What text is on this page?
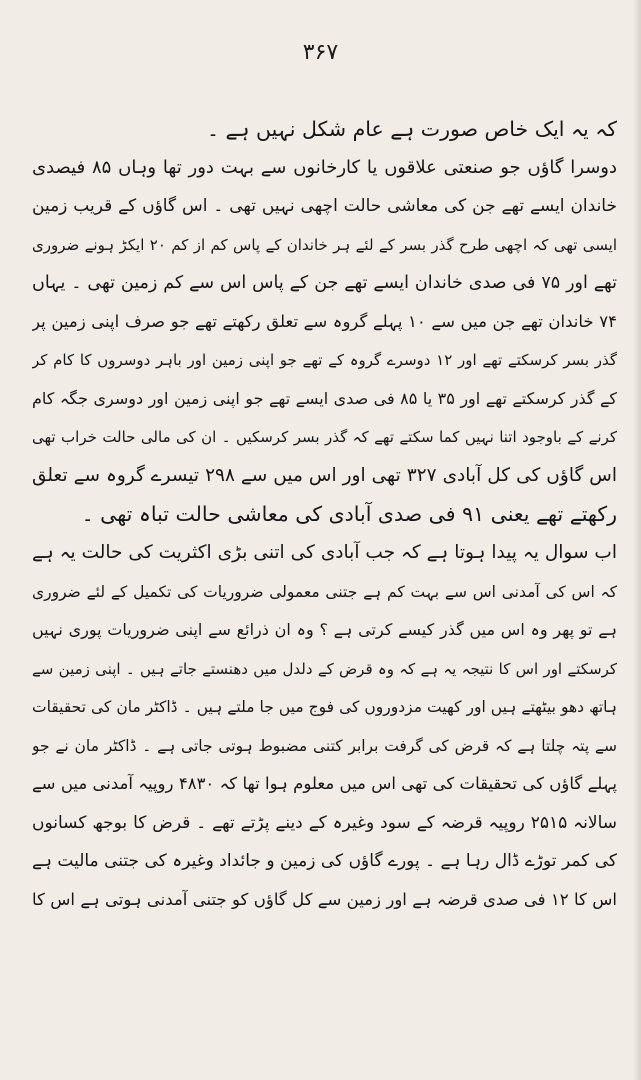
۳۶۷
کہ یہ ایک خاص صورت ہے عام شکل نہیں ہے ۔
دوسرا گاؤں جو صنعتی علاقوں یا کارخانوں سے بہت دور تھا وہاں ۸۵ فیصدی
خاندان ایسے تھے جن کی معاشی حالت اچھی نہیں تھی ۔ اس گاؤں کے قریب زمین
ایسی تھی کہ اچھی طرح گذر بسر کے لئے ہر خاندان کے پاس کم از کم ۲۰ ایکڑ ہونے ضروری
تھے اور ۷۵ فی صدی خاندان ایسے تھے جن کے پاس اس سے کم زمین تھی ۔ یہاں
۷۴ خاندان تھے جن میں سے ۱۰ پہلے گروہ سے تعلق رکھتے تھے جو صرف اپنی زمین پر
گذر بسر کرسکتے تھے اور ۱۲ دوسرے گروہ کے تھے جو اپنی زمین اور باہر دوسروں کا کام کر
کے گذر کرسکتے تھے اور ۳۵ یا ۸۵ فی صدی ایسے تھے جو اپنی زمین اور دوسری جگہ کام
کرنے کے باوجود اتنا نہیں کما سکتے تھے کہ گذر بسر کرسکیں ۔ ان کی مالی حالت خراب تھی
اس گاؤں کی کل آبادی ۳۲۷ تھی اور اس میں سے ۲۹۸ تیسرے گروہ سے تعلق
رکھتے تھے یعنی ۹۱ فی صدی آبادی کی معاشی حالت تباہ تھی ۔
اب سوال یہ پیدا ہوتا ہے کہ جب آبادی کی اتنی بڑی اکثریت کی حالت یہ ہے
کہ اس کی آمدنی اس سے بہت کم ہے جتنی معمولی ضروریات کی تکمیل کے لئے ضروری
ہے تو پھر وہ اس میں گذر کیسے کرتی ہے ؟ وہ ان ذرائع سے اپنی ضروریات پوری نہیں
کرسکتے اور اس کا نتیجہ یہ ہے کہ وہ قرض کے دلدل میں دھنستے جاتے ہیں ۔ اپنی زمین سے
ہاتھ دھو بیٹھتے ہیں اور کھیت مزدوروں کی فوج میں جا ملتے ہیں ۔ ڈاکٹر مان کی تحقیقات
سے پتہ چلتا ہے کہ قرض کی گرفت برابر کتنی مضبوط ہوتی جاتی ہے ۔ ڈاکٹر مان نے جو
پہلے گاؤں کی تحقیقات کی تھی اس میں معلوم ہوا تھا کہ ۴۸۳۰ روپیہ آمدنی میں سے
سالانہ ۲۵۱۵ روپیہ قرضہ کے سود وغیرہ کے دینے پڑتے تھے ۔ قرض کا بوجھ کسانوں
کی کمر توڑے ڈال رہا ہے ۔ پورے گاؤں کی زمین و جائداد وغیرہ کی جتنی مالیت ہے
اس کا ۱۲ فی صدی قرضہ ہے اور زمین سے کل گاؤں کو جتنی آمدنی ہوتی ہے اس کا
